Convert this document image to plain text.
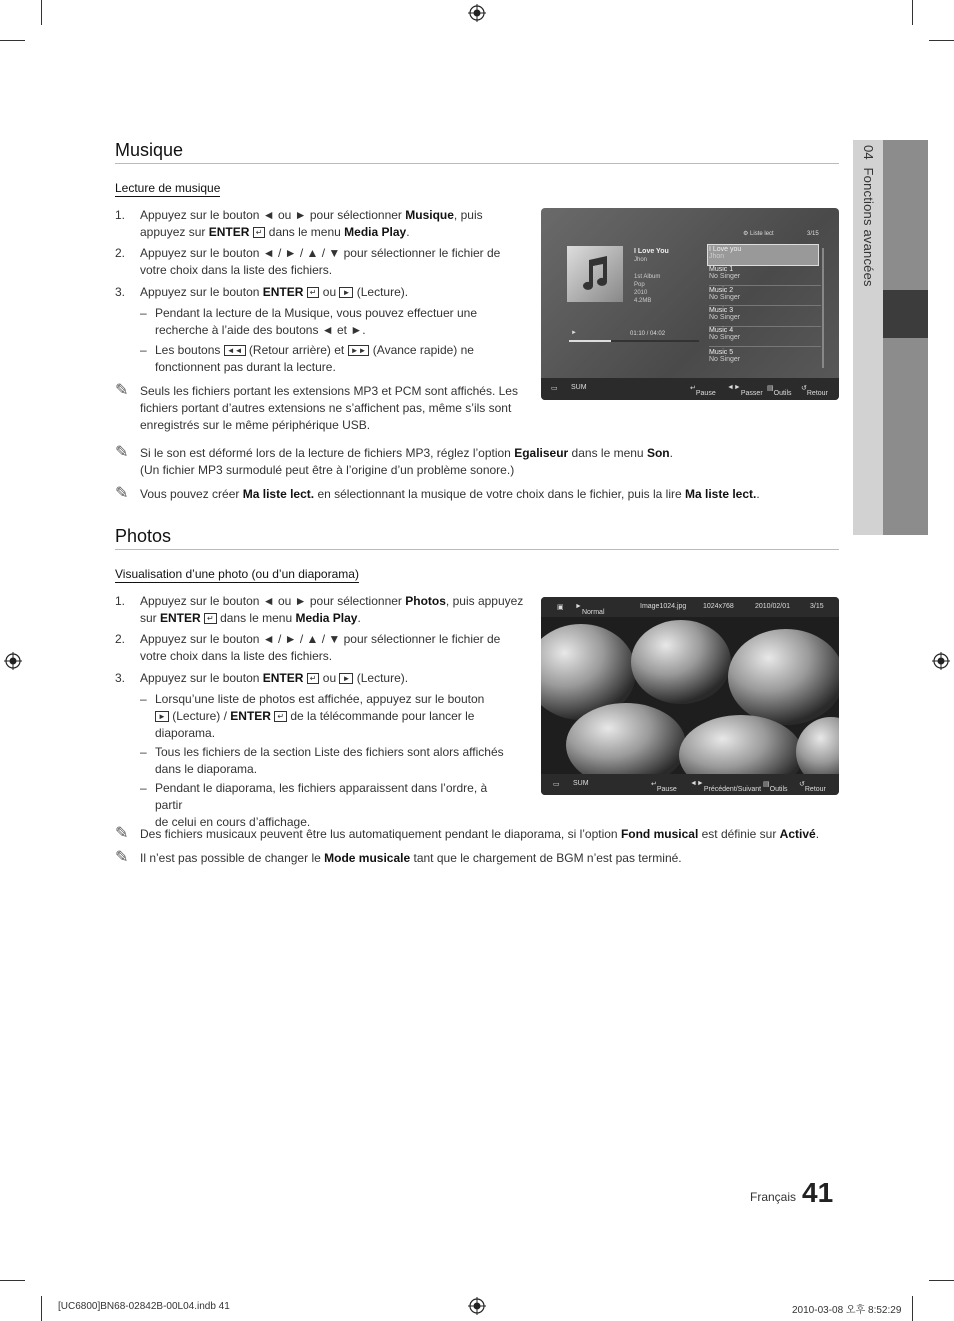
04  Fonctions avancées
Musique
Lecture de musique
1. Appuyez sur le bouton ◄ ou ► pour sélectionner Musique, puis
appuyez sur ENTER ↵ dans le menu Media Play.
2. Appuyez sur le bouton ◄ / ► / ▲ / ▼ pour sélectionner le fichier de
votre choix dans la liste des fichiers.
3. Appuyez sur le bouton ENTER ↵ ou ► (Lecture).
– Pendant la lecture de la Musique, vous pouvez effectuer une
recherche à l’aide des boutons ◄ et ►.
– Les boutons ◄◄ (Retour arrière) et ►► (Avance rapide) ne
fonctionnent pas durant la lecture.
✎ Seuls les fichiers portant les extensions MP3 et PCM sont affichés. Les
fichiers portant d’autres extensions ne s’affichent pas, même s’ils sont
enregistrés sur le même périphérique USB.
✎ Si le son est déformé lors de la lecture de fichiers MP3, réglez l’option Egaliseur dans le menu Son.
(Un fichier MP3 surmodulé peut être à l’origine d’un problème sonore.)
✎ Vous pouvez créer Ma liste lect. en sélectionnant la musique de votre choix dans le fichier, puis la lire Ma liste lect..
I Love You
Jhon
1st Album
Pop
2010
4.2MB
►	01:10 / 04:02
⚙ Liste lect	3/15
I Love you
Jhon
Music 1
No Singer
Music 2
No Singer
Music 3
No Singer
Music 4
No Singer
Music 5
No Singer
▭ SUM	↵
Pause
◄►
Passer
▤
Outils
↺
Retour
Photos
Visualisation d’une photo (ou d’un diaporama)
1. Appuyez sur le bouton ◄ ou ► pour sélectionner Photos, puis appuyez
sur ENTER ↵ dans le menu Media Play.
2. Appuyez sur le bouton ◄ / ► / ▲ / ▼ pour sélectionner le fichier de
votre choix dans la liste des fichiers.
3. Appuyez sur le bouton ENTER ↵ ou ► (Lecture).
– Lorsqu’une liste de photos est affichée, appuyez sur le bouton
► (Lecture) / ENTER ↵ de la télécommande pour lancer le
diaporama.
– Tous les fichiers de la section Liste des fichiers sont alors affichés
dans le diaporama.
– Pendant le diaporama, les fichiers apparaissent dans l’ordre, à partir
de celui en cours d’affichage.
✎ Des fichiers musicaux peuvent être lus automatiquement pendant le diaporama, si l’option Fond musical est définie sur Activé.
✎ Il n’est pas possible de changer le Mode musicale tant que le chargement de BGM n’est pas terminé.
▣ ►
Normal
Image1024.jpg 1024x768	2010/02/01	3/15
▭ SUM	↵
Pause
◄►
Précédent/Suivant
▤
Outils
↺
Retour
Français 41
[UC6800]BN68-02842B-00L04.indb 41	2010-03-08 오후 8:52:29
